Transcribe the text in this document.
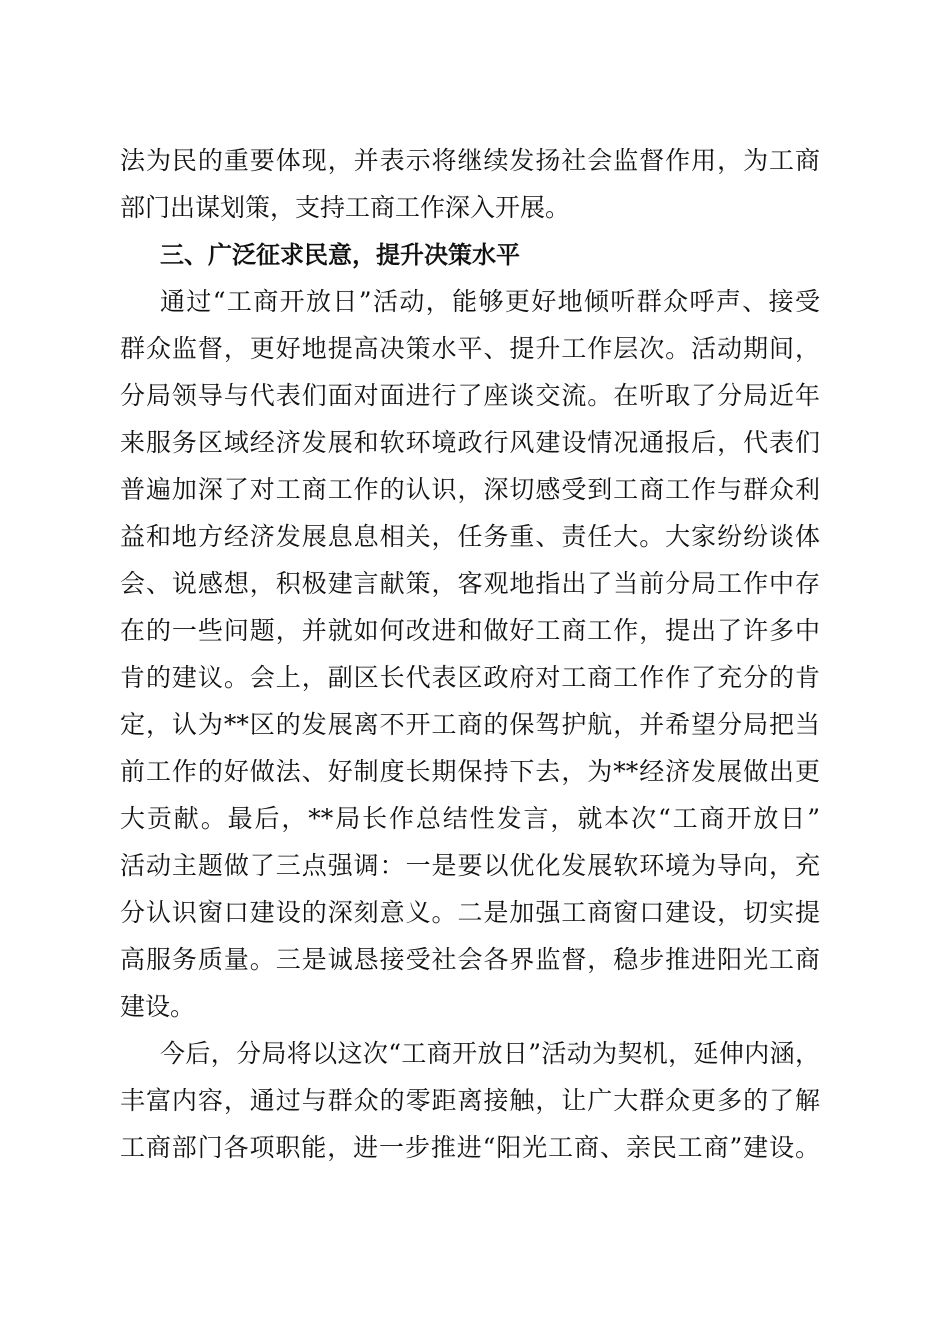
法为民的重要体现，并表示将继续发扬社会监督作用，为工商
部门出谋划策，支持工商工作深入开展。
三、广泛征求民意，提升决策水平
通过“工商开放日”活动，能够更好地倾听群众呼声、接受
群众监督，更好地提高决策水平、提升工作层次。活动期间，
分局领导与代表们面对面进行了座谈交流。在听取了分局近年
来服务区域经济发展和软环境政行风建设情况通报后，代表们
普遍加深了对工商工作的认识，深切感受到工商工作与群众利
益和地方经济发展息息相关，任务重、责任大。大家纷纷谈体
会、说感想，积极建言献策，客观地指出了当前分局工作中存
在的一些问题，并就如何改进和做好工商工作，提出了许多中
肯的建议。会上，副区长代表区政府对工商工作作了充分的肯
定，认为**区的发展离不开工商的保驾护航，并希望分局把当
前工作的好做法、好制度长期保持下去，为**经济发展做出更
大贡献。最后，**局长作总结性发言，就本次“工商开放日”
活动主题做了三点强调：一是要以优化发展软环境为导向，充
分认识窗口建设的深刻意义。二是加强工商窗口建设，切实提
高服务质量。三是诚恳接受社会各界监督，稳步推进阳光工商
建设。
今后，分局将以这次“工商开放日”活动为契机，延伸内涵，
丰富内容，通过与群众的零距离接触，让广大群众更多的了解
工商部门各项职能，进一步推进“阳光工商、亲民工商”建设。
